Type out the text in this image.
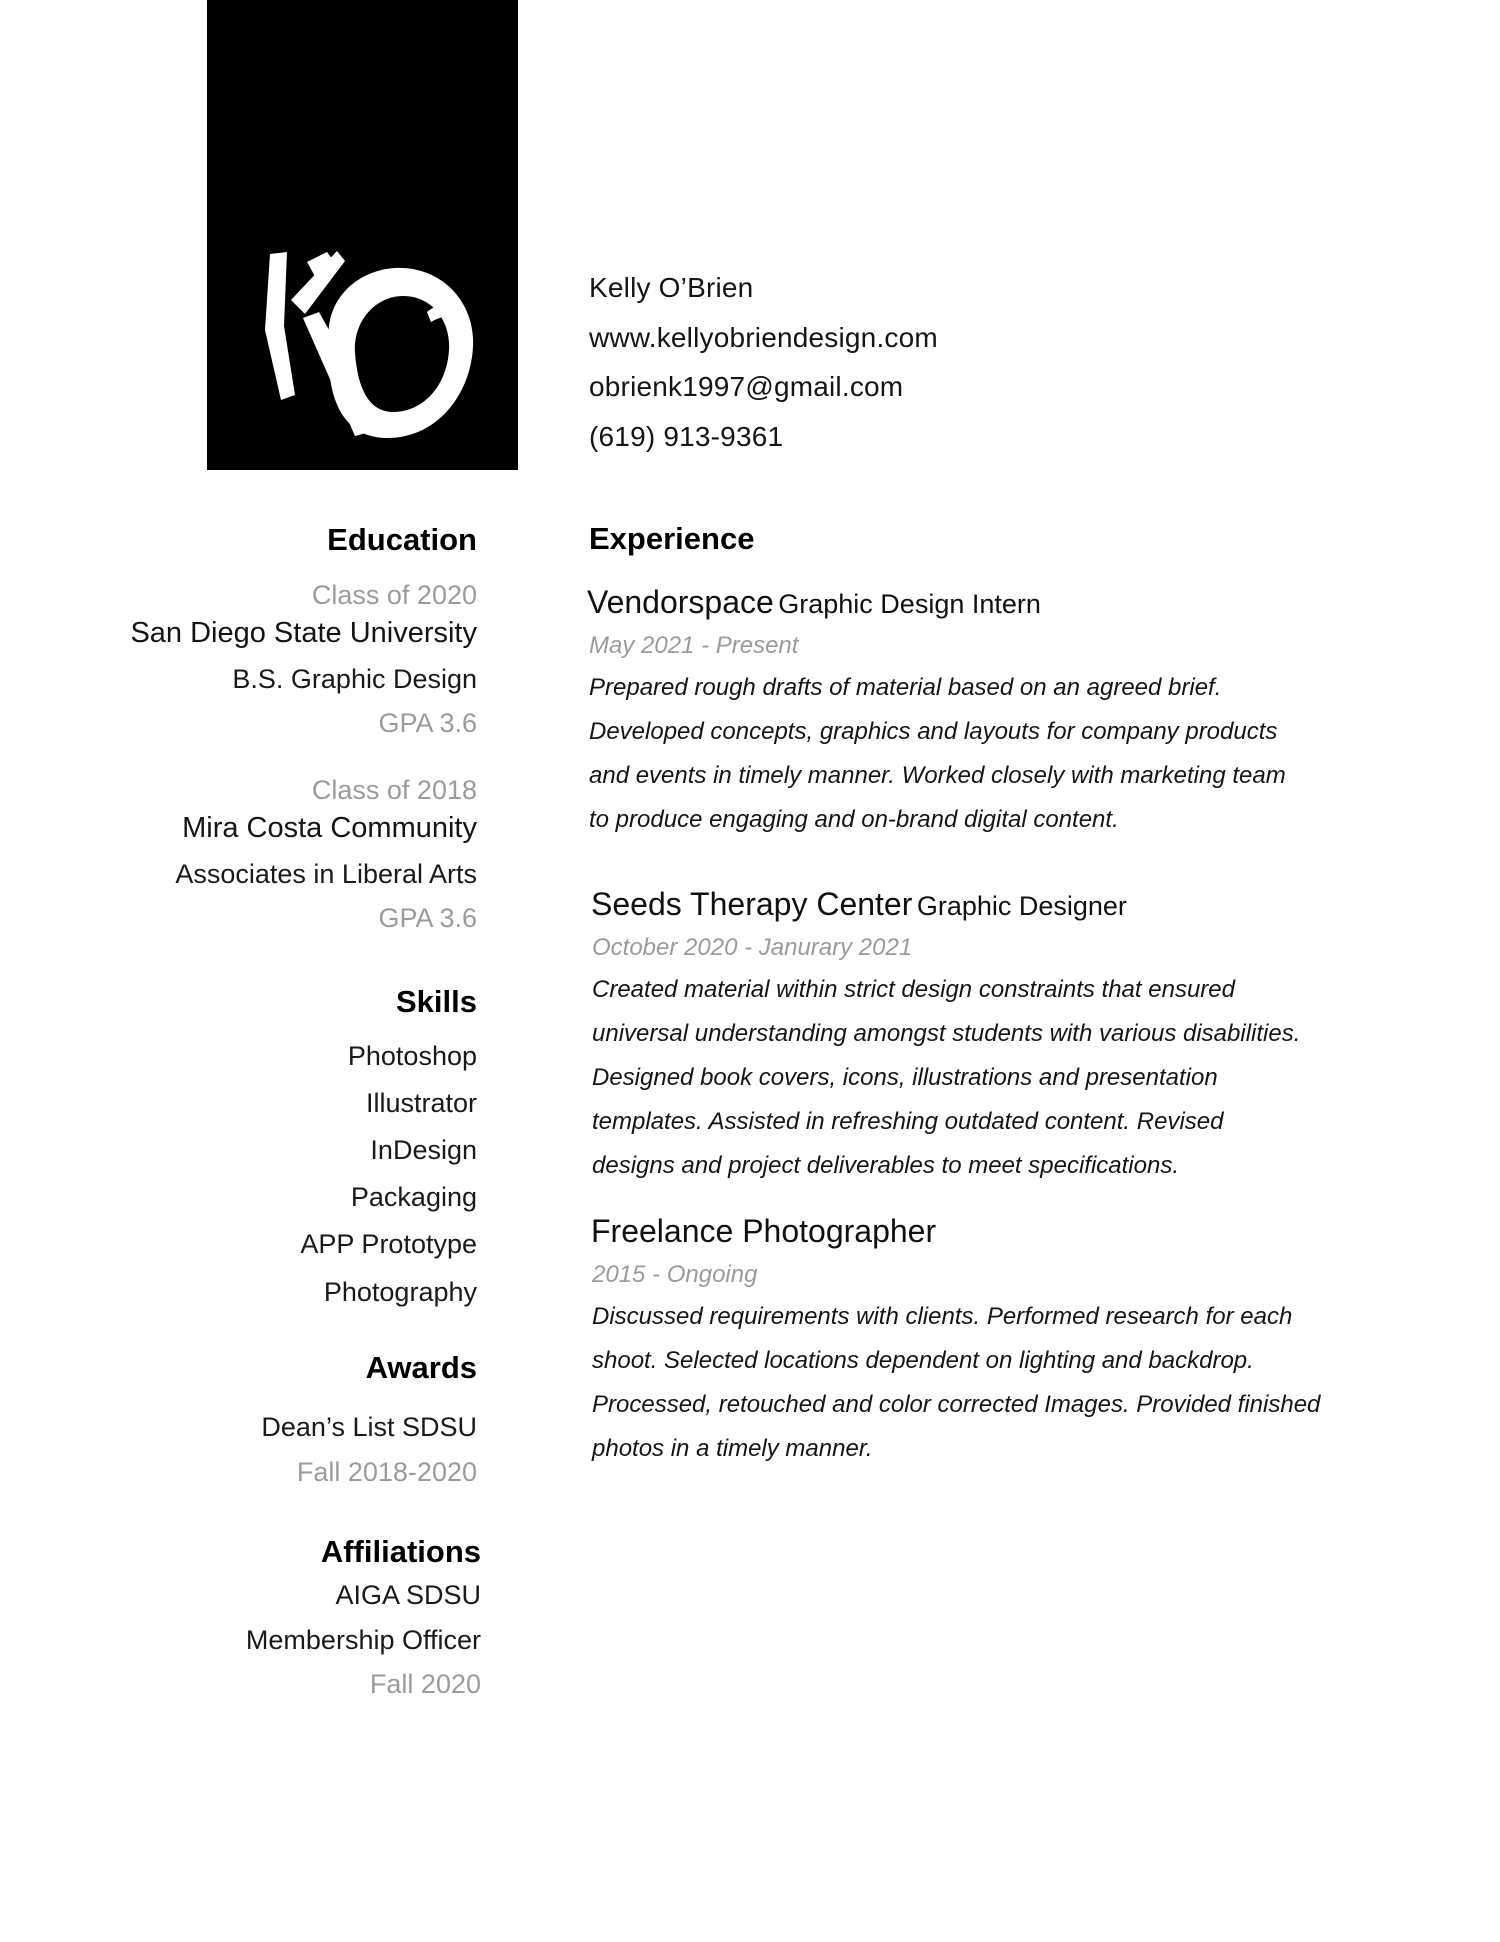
Kelly O’Brien
www.kellyobriendesign.com
obrienk1997@gmail.com
(619) 913-9361
Education
Class of 2020
San Diego State University
B.S. Graphic Design
GPA 3.6
Class of 2018
Mira Costa Community
Associates in Liberal Arts
GPA 3.6
Skills
Photoshop
Illustrator
InDesign
Packaging
APP Prototype
Photography
Awards
Dean’s List SDSU
Fall 2018-2020
Affiliations
AIGA SDSU
Membership Officer
Fall 2020
Experience
Vendorspace Graphic Design Intern
May 2021 - Present
Prepared rough drafts of material based on an agreed brief.
Developed concepts, graphics and layouts for company products
and events in timely manner. Worked closely with marketing team
to produce engaging and on-brand digital content.
Seeds Therapy Center Graphic Designer
October 2020 - Janurary 2021
Created material within strict design constraints that ensured
universal understanding amongst students with various disabilities.
Designed book covers, icons, illustrations and presentation
templates. Assisted in refreshing outdated content. Revised
designs and project deliverables to meet specifications.
Freelance Photographer
2015 - Ongoing
Discussed requirements with clients. Performed research for each
shoot. Selected locations dependent on lighting and backdrop.
Processed, retouched and color corrected Images. Provided finished
photos in a timely manner.
